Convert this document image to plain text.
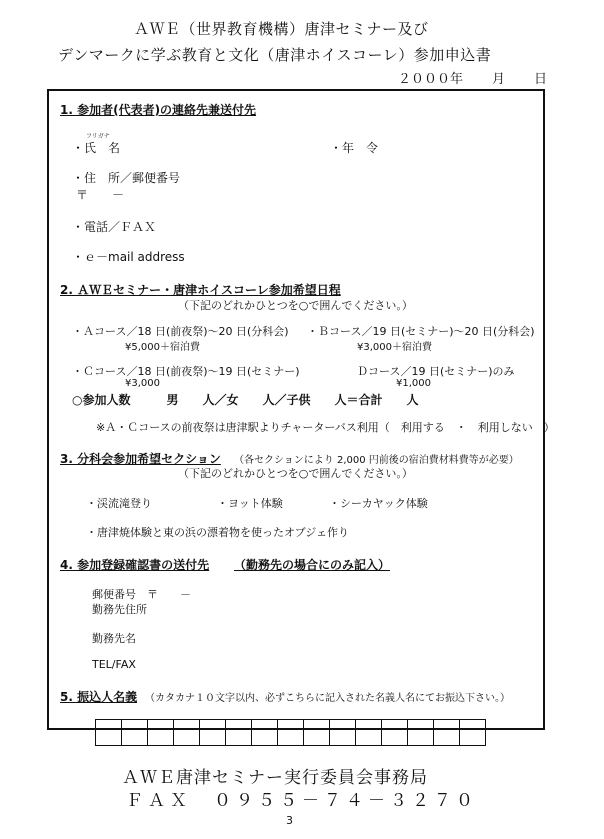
ＡＷＥ（世界教育機構）唐津セミナー及び
デンマークに学ぶ教育と文化（唐津ホイスコーレ）参加申込書
２０００年 月 日
1. 参加者(代表者)の連絡先兼送付先
フリガナ
・氏　名	・年　令
・住　所／郵便番号
〒　　－
・電話／ＦＡＸ
・ｅ－mail address
2. ＡＷＥセミナー・唐津ホイスコーレ参加希望日程
（下記のどれかひとつを○で囲んでください。）
・Ａコース／18 日(前夜祭)～20 日(分科会)
¥5,000＋宿泊費
・Ｂコース／19 日(セミナー)～20 日(分科会)
¥3,000＋宿泊費
・Ｃコース／18 日(前夜祭)～19 日(セミナー)
¥3,000
Ｄコース／19 日(セミナー)のみ
¥1,000
○参加人数　　　男　　人／女　　人／子供　　人＝合計　　人
※Ａ・Ｃコースの前夜祭は唐津駅よりチャーターバス利用（　利用する　・　利用しない　）
3. 分科会参加希望セクション （各セクションにより 2,000 円前後の宿泊費材料費等が必要）
（下記のどれかひとつを○で囲んでください。）
・渓流滝登り	・ヨット体験	・シーカヤック体験
・唐津焼体験と東の浜の漂着物を使ったオブジェ作り
4. 参加登録確認書の送付先 （勤務先の場合にのみ記入）
郵便番号　〒　　－
勤務先住所
勤務先名
TEL/FAX
5. 振込人名義 （カタカナ１０文字以内、必ずこちらに記入された名義人名にてお振込下さい。）
ＡＷＥ唐津セミナー実行委員会事務局
ＦＡＸ　０９５５－７４－３２７０
3
